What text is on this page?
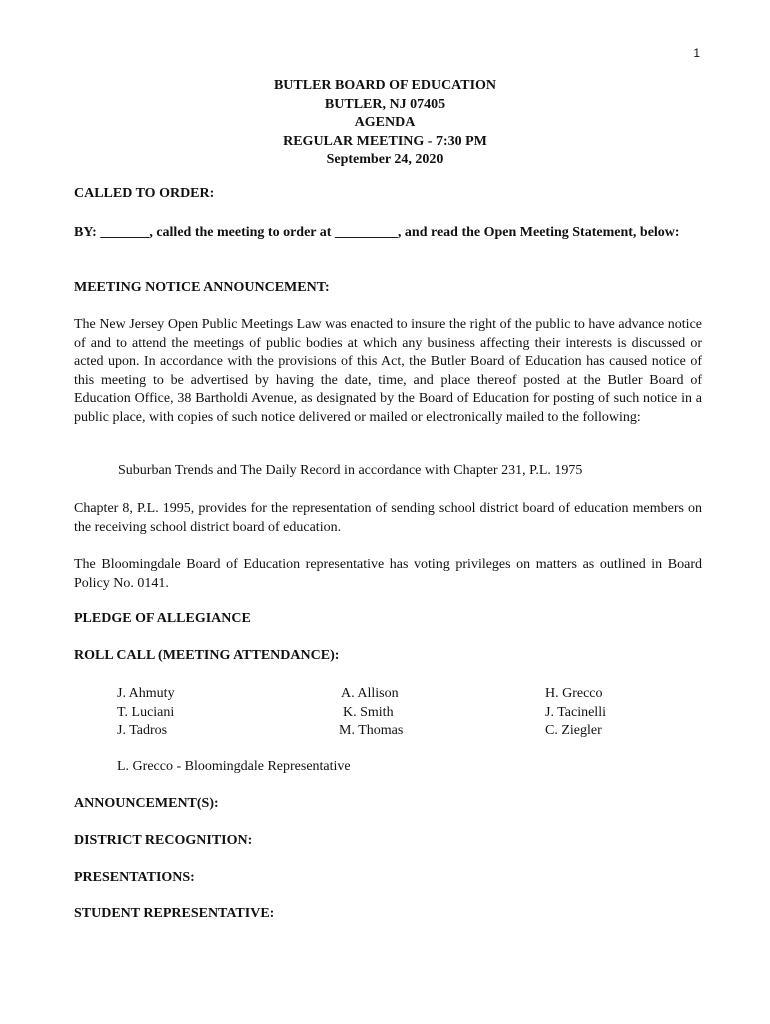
1
BUTLER BOARD OF EDUCATION
BUTLER, NJ 07405
AGENDA
REGULAR MEETING - 7:30 PM
September 24, 2020
CALLED TO ORDER:
BY: _______, called the meeting to order at _________, and read the Open Meeting Statement, below:
MEETING NOTICE ANNOUNCEMENT:
The New Jersey Open Public Meetings Law was enacted to insure the right of the public to have advance notice of and to attend the meetings of public bodies at which any business affecting their interests is discussed or acted upon. In accordance with the provisions of this Act, the Butler Board of Education has caused notice of this meeting to be advertised by having the date, time, and place thereof posted at the Butler Board of Education Office, 38 Bartholdi Avenue, as designated by the Board of Education for posting of such notice in a public place, with copies of such notice delivered or mailed or electronically mailed to the following:
Suburban Trends and The Daily Record in accordance with Chapter 231, P.L. 1975
Chapter 8, P.L. 1995, provides for the representation of sending school district board of education members on the receiving school district board of education.
The Bloomingdale Board of Education representative has voting privileges on matters as outlined in Board Policy No. 0141.
PLEDGE OF ALLEGIANCE
ROLL CALL (MEETING ATTENDANCE):
J. Ahmuty
T. Luciani
J. Tadros
A. Allison
K. Smith
M. Thomas
H. Grecco
J. Tacinelli
C. Ziegler
L. Grecco - Bloomingdale Representative
ANNOUNCEMENT(S):
DISTRICT RECOGNITION:
PRESENTATIONS:
STUDENT REPRESENTATIVE:
